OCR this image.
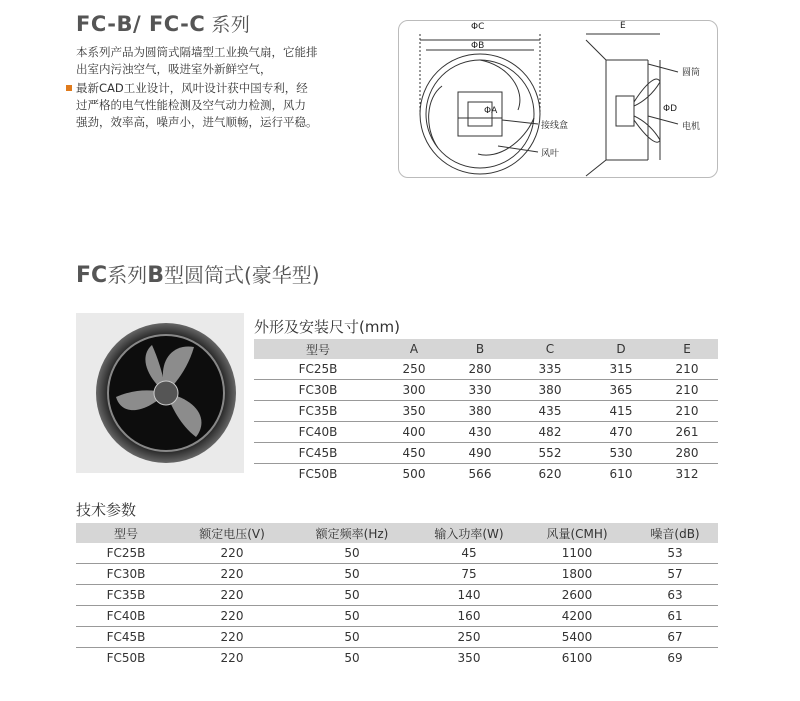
FC-B/ FC-C 系列

本系列产品为圆筒式隔墙型工业换气扇，它能排

出室内污浊空气，吸进室外新鲜空气，

最新CAD工业设计，风叶设计获中国专利，经

过严格的电气性能检测及空气动力检测，风力

强劲，效率高，噪声小，进气顺畅，运行平稳。

ΦC
ΦB
ΦA
E
ΦD
圆筒
接线盒	电机
风叶
FC系列B型圆筒式(豪华型)
外形及安装尺寸(mm)
型号	A	B	C	D	E
FC25B	250	280	335	315	210
FC30B	300	330	380	365	210
FC35B	350	380	435	415	210
FC40B	400	430	482	470	261
FC45B	450	490	552	530	280
FC50B	500	566	620	610	312
技术参数
型号	额定电压(V)	额定频率(Hz)	输入功率(W)	风量(CMH)	噪音(dB)
FC25B	220	50	45	1100	53
FC30B	220	50	75	1800	57
FC35B	220	50	140	2600	63
FC40B	220	50	160	4200	61
FC45B	220	50	250	5400	67
FC50B	220	50	350	6100	69
